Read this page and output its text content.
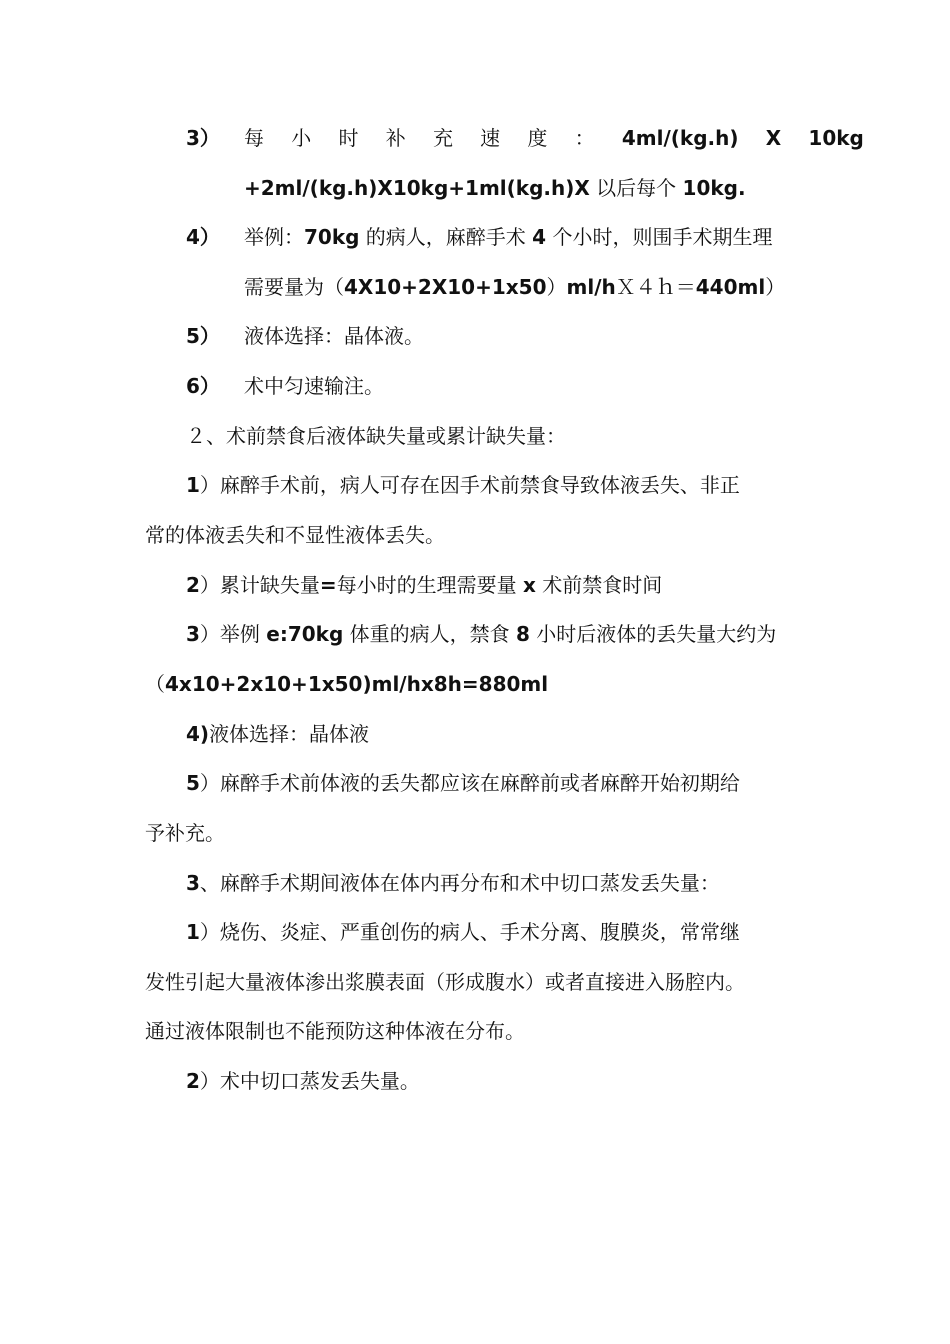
3） 每 小 时 补 充 速 度 ： 4ml/(kg.h) X 10kg
+2ml/(kg.h)X10kg+1ml(kg.h)X 以后每个 10kg.
4） 举例：70kg 的病人，麻醉手术 4 个小时，则围手术期生理
需要量为（4X10+2X10+1x50）ml/hＸ４ｈ＝440ml）
5） 液体选择：晶体液。
6） 术中匀速输注。
２、术前禁食后液体缺失量或累计缺失量：
1）麻醉手术前，病人可存在因手术前禁食导致体液丢失、非正
常的体液丢失和不显性液体丢失。
2）累计缺失量=每小时的生理需要量 x 术前禁食时间
3）举例 e:70kg 体重的病人，禁食 8 小时后液体的丢失量大约为
（4x10+2x10+1x50)ml/hx8h=880ml
4)液体选择：晶体液
5）麻醉手术前体液的丢失都应该在麻醉前或者麻醉开始初期给
予补充。
3、麻醉手术期间液体在体内再分布和术中切口蒸发丢失量：
1）烧伤、炎症、严重创伤的病人、手术分离、腹膜炎，常常继
发性引起大量液体渗出浆膜表面（形成腹水）或者直接进入肠腔内。
通过液体限制也不能预防这种体液在分布。
2）术中切口蒸发丢失量。
